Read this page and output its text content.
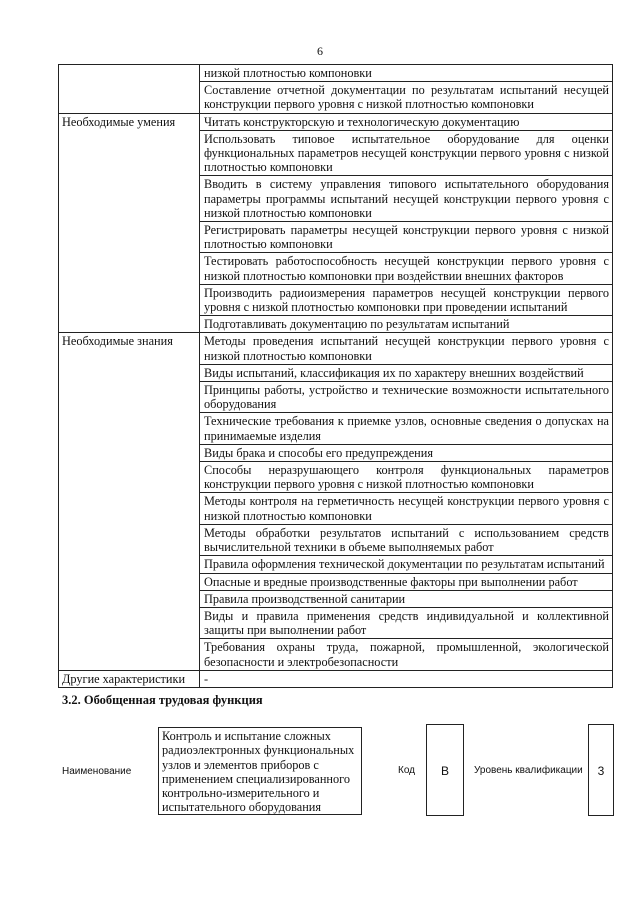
6
	низкой плотностью компоновки
	Составление отчетной документации по результатам испытаний несущей конструкции первого уровня с низкой плотностью компоновки
Необходимые умения	Читать конструкторскую и технологическую документацию
	Использовать типовое испытательное оборудование для оценки функциональных параметров несущей конструкции первого уровня с низкой плотностью компоновки
	Вводить в систему управления типового испытательного оборудования параметры программы испытаний несущей конструкции первого уровня с низкой плотностью компоновки
	Регистрировать параметры несущей конструкции первого уровня с низкой плотностью компоновки
	Тестировать работоспособность несущей конструкции первого уровня с низкой плотностью компоновки при воздействии внешних факторов
	Производить радиоизмерения параметров несущей конструкции первого уровня с низкой плотностью компоновки при проведении испытаний
	Подготавливать документацию по результатам испытаний
Необходимые знания	Методы проведения испытаний несущей конструкции первого уровня с низкой плотностью компоновки
	Виды испытаний, классификация их по характеру внешних воздействий
	Принципы работы, устройство и технические возможности испытательного оборудования
	Технические требования к приемке узлов, основные сведения о допусках на принимаемые изделия
	Виды брака и способы его предупреждения
	Способы неразрушающего контроля функциональных параметров конструкции первого уровня с низкой плотностью компоновки
	Методы контроля на герметичность несущей конструкции первого уровня с низкой плотностью компоновки
	Методы обработки результатов испытаний с использованием средств вычислительной техники в объеме выполняемых работ
	Правила оформления технической документации по результатам испытаний
	Опасные и вредные производственные факторы при выполнении работ
	Правила производственной санитарии
	Виды и правила применения средств индивидуальной и коллективной защиты при выполнении работ
	Требования охраны труда, пожарной, промышленной, экологической безопасности и электробезопасности
Другие характеристики	-
3.2. Обобщенная трудовая функция
Наименование
Контроль и испытание сложных радиоэлектронных функциональных узлов и элементов приборов с применением специализированного контрольно-измерительного и испытательного оборудования
Код	B	Уровень квалификации	3
